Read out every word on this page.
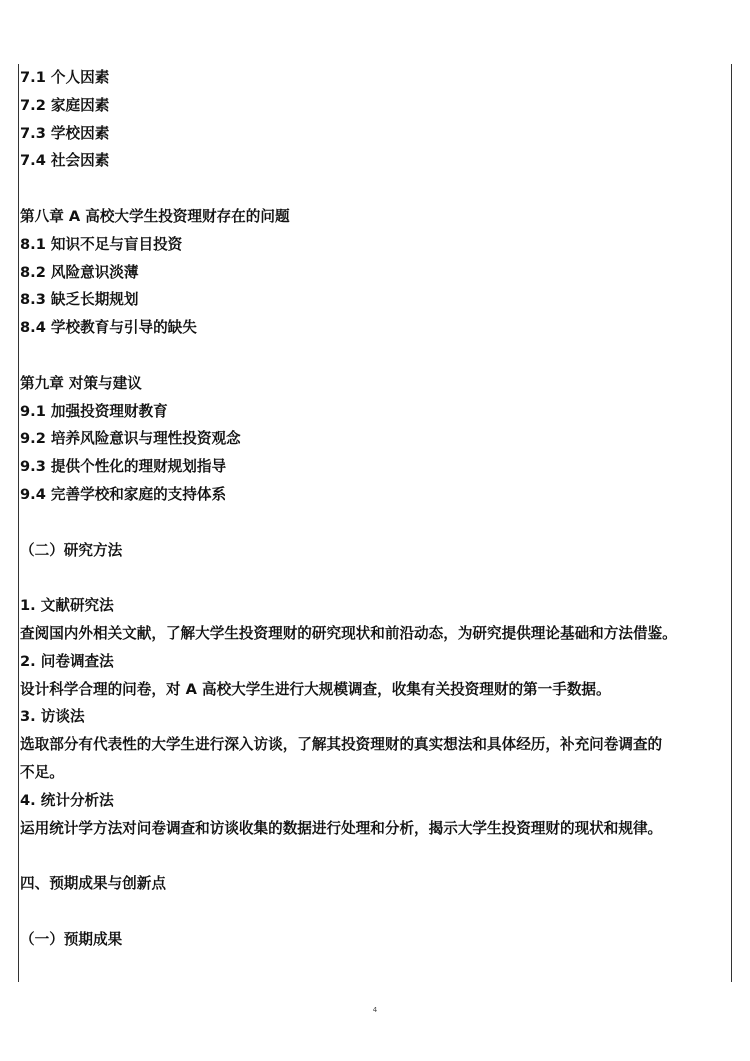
7.1 个人因素
7.2 家庭因素
7.3 学校因素
7.4 社会因素
第八章 A 高校大学生投资理财存在的问题
8.1 知识不足与盲目投资
8.2 风险意识淡薄
8.3 缺乏长期规划
8.4 学校教育与引导的缺失
第九章 对策与建议
9.1 加强投资理财教育
9.2 培养风险意识与理性投资观念
9.3 提供个性化的理财规划指导
9.4 完善学校和家庭的支持体系
（二）研究方法
1. 文献研究法
查阅国内外相关文献，了解大学生投资理财的研究现状和前沿动态，为研究提供理论基础和方法借鉴。
2. 问卷调查法
设计科学合理的问卷，对 A 高校大学生进行大规模调查，收集有关投资理财的第一手数据。
3. 访谈法
选取部分有代表性的大学生进行深入访谈，了解其投资理财的真实想法和具体经历，补充问卷调查的
不足。
4. 统计分析法
运用统计学方法对问卷调查和访谈收集的数据进行处理和分析，揭示大学生投资理财的现状和规律。
四、预期成果与创新点
（一）预期成果
4
